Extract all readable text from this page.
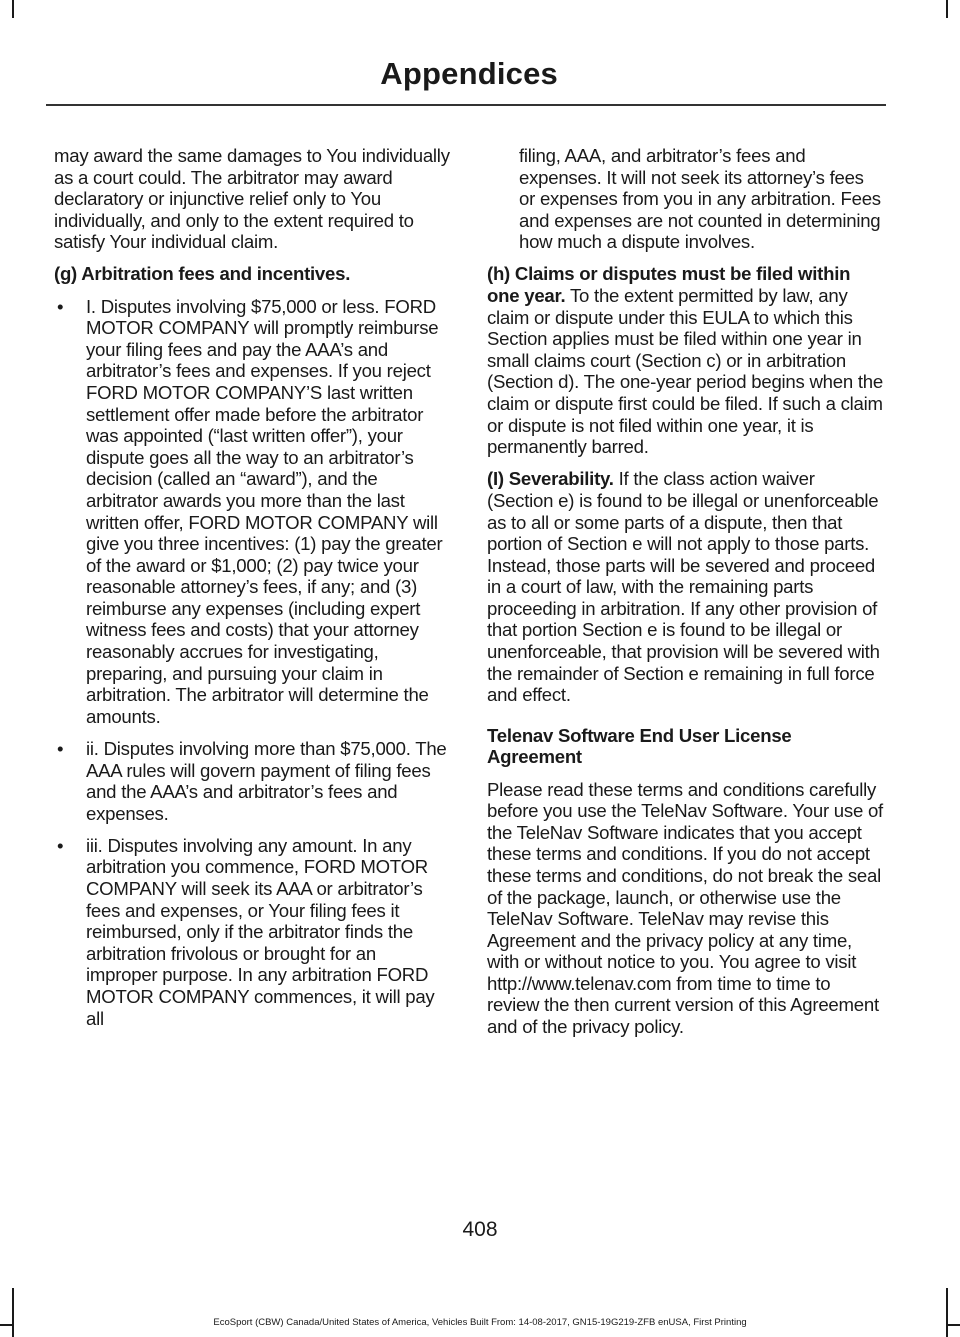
Appendices

may award the same damages to You individually as a court could. The arbitrator may award declaratory or injunctive relief only to You individually, and only to the extent required to satisfy Your individual claim.

(g) Arbitration fees and incentives.

• I. Disputes involving $75,000 or less. FORD MOTOR COMPANY will promptly reimburse your filing fees and pay the AAA’s and arbitrator’s fees and expenses. If you reject FORD MOTOR COMPANY’S last written settlement offer made before the arbitrator was appointed (“last written offer”), your dispute goes all the way to an arbitrator’s decision (called an “award”), and the arbitrator awards you more than the last written offer, FORD MOTOR COMPANY will give you three incentives: (1) pay the greater of the award or $1,000; (2) pay twice your reasonable attorney’s fees, if any; and (3) reimburse any expenses (including expert witness fees and costs) that your attorney reasonably accrues for investigating, preparing, and pursuing your claim in arbitration. The arbitrator will determine the amounts.
• ii. Disputes involving more than $75,000. The AAA rules will govern payment of filing fees and the AAA’s and arbitrator’s fees and expenses.
• iii. Disputes involving any amount. In any arbitration you commence, FORD MOTOR COMPANY will seek its AAA or arbitrator’s fees and expenses, or Your filing fees it reimbursed, only if the arbitrator finds the arbitration frivolous or brought for an improper purpose. In any arbitration FORD MOTOR COMPANY commences, it will pay all

filing, AAA, and arbitrator’s fees and expenses. It will not seek its attorney’s fees or expenses from you in any arbitration. Fees and expenses are not counted in determining how much a dispute involves.

(h) Claims or disputes must be filed within one year. To the extent permitted by law, any claim or dispute under this EULA to which this Section applies must be filed within one year in small claims court (Section c) or in arbitration (Section d). The one-year period begins when the claim or dispute first could be filed. If such a claim or dispute is not filed within one year, it is permanently barred.

(I) Severability. If the class action waiver (Section e) is found to be illegal or unenforceable as to all or some parts of a dispute, then that portion of Section e will not apply to those parts. Instead, those parts will be severed and proceed in a court of law, with the remaining parts proceeding in arbitration. If any other provision of that portion Section e is found to be illegal or unenforceable, that provision will be severed with the remainder of Section e remaining in full force and effect.

Telenav Software End User License Agreement

Please read these terms and conditions carefully before you use the TeleNav Software. Your use of the TeleNav Software indicates that you accept these terms and conditions. If you do not accept these terms and conditions, do not break the seal of the package, launch, or otherwise use the TeleNav Software. TeleNav may revise this Agreement and the privacy policy at any time, with or without notice to you. You agree to visit http://www.telenav.com from time to time to review the then current version of this Agreement and of the privacy policy.

408
EcoSport (CBW) Canada/United States of America, Vehicles Built From: 14-08-2017, GN15-19G219-ZFB enUSA, First Printing
